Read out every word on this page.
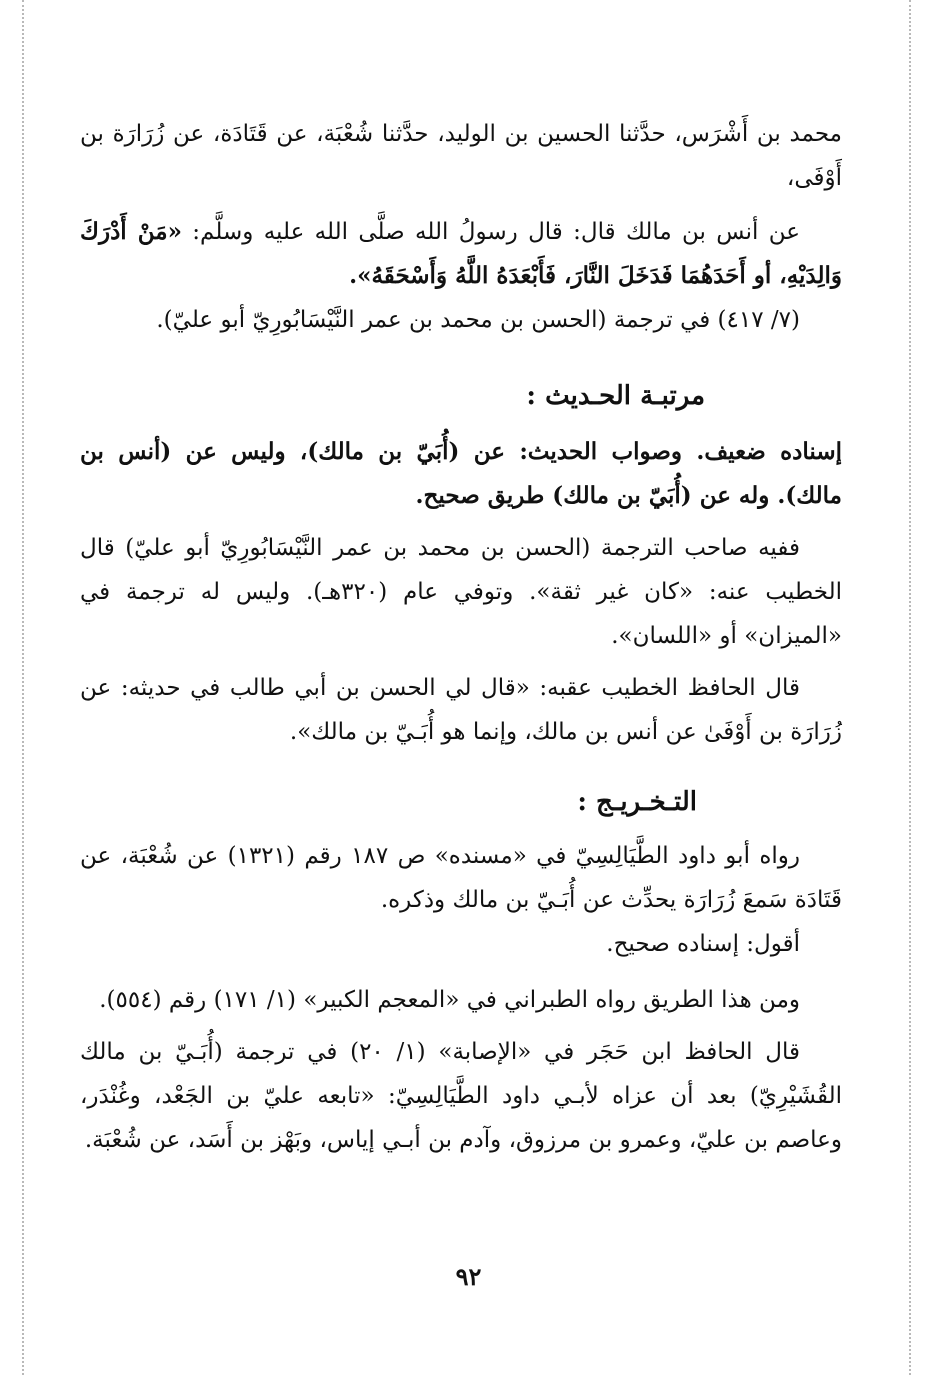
محمد بن أَشْرَس، حدَّثنا الحسين بن الوليد، حدَّثنا شُعْبَة، عن قَتَادَة، عن زُرَارَة بن أَوْفَى،

عن أنس بن مالك قال: قال رسولُ الله صلَّى الله عليه وسلَّم: «مَنْ أَدْرَكَ وَالِدَيْهِ، أو أَحَدَهُمَا فَدَخَلَ النَّارَ، فَأَبْعَدَهُ اللَّهُ وَأَسْحَقَهُ».

(٧/ ٤١٧) في ترجمة (الحسن بن محمد بن عمر النَّيْسَابُورِيّ أبو عليّ).

مرتبـة الحـديث :

إسناده ضعيف. وصواب الحديث: عن (أُبَيّ بن مالك)، وليس عن (أنس بن مالك). وله عن (أُبَيّ بن مالك) طريق صحيح.

ففيه صاحب الترجمة (الحسن بن محمد بن عمر النَّيْسَابُورِيّ أبو عليّ) قال الخطيب عنه: «كان غير ثقة». وتوفي عام (٣٢٠هـ). وليس له ترجمة في «الميزان» أو «اللسان».

قال الحافظ الخطيب عقبه: «قال لي الحسن بن أبي طالب في حديثه: عن زُرَارَة بن أَوْفَىٰ عن أنس بن مالك، وإنما هو أُبَـيّ بن مالك».

التـخـريـج :

رواه أبو داود الطَّيَالِسِيّ في «مسنده» ص ١٨٧ رقم (١٣٢١) عن شُعْبَة، عن قَتَادَة سَمعَ زُرَارَة يحدِّث عن أُبَـيّ بن مالك وذكره.

أقول: إسناده صحيح.

ومن هذا الطريق رواه الطبراني في «المعجم الكبير» (١/ ١٧١) رقم (٥٥٤).

قال الحافظ ابن حَجَر في «الإصابة» (١/ ٢٠) في ترجمة (أُبَـيّ بن مالك القُشَيْرِيّ) بعد أن عزاه لأبـي داود الطَّيَالِسِيّ: «تابعه عليّ بن الجَعْد، وغُنْدَر، وعاصم بن عليّ، وعمرو بن مرزوق، وآدم بن أبـي إياس، وبَهْز بن أَسَد، عن شُعْبَة.

٩٢
